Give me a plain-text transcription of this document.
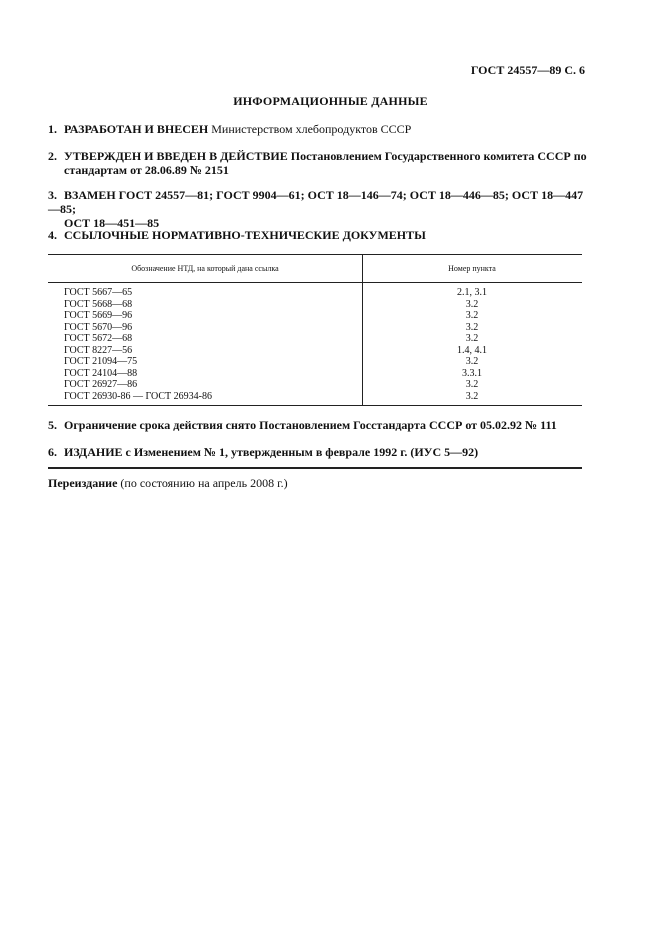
ГОСТ 24557—89 С. 6
ИНФОРМАЦИОННЫЕ ДАННЫЕ
1. РАЗРАБОТАН И ВНЕСЕН Министерством хлебопродуктов СССР
2. УТВЕРЖДЕН И ВВЕДЕН В ДЕЙСТВИЕ Постановлением Государственного комитета СССР по
стандартам от 28.06.89 № 2151
3. ВЗАМЕН ГОСТ 24557—81; ГОСТ 9904—61; ОСТ 18—146—74; ОСТ 18—446—85; ОСТ 18—447—85;
ОСТ 18—451—85
4. ССЫЛОЧНЫЕ НОРМАТИВНО-ТЕХНИЧЕСКИЕ ДОКУМЕНТЫ
Обозначение НТД, на который дана ссылка	Номер пункта
ГОСТ 5667—65	2.1, 3.1
ГОСТ 5668—68	3.2
ГОСТ 5669—96	3.2
ГОСТ 5670—96	3.2
ГОСТ 5672—68	3.2
ГОСТ 8227—56	1.4, 4.1
ГОСТ 21094—75	3.2
ГОСТ 24104—88	3.3.1
ГОСТ 26927—86	3.2
ГОСТ 26930-86 — ГОСТ 26934-86	3.2
5. Ограничение срока действия снято Постановлением Госстандарта СССР от 05.02.92 № 111
6. ИЗДАНИЕ с Изменением № 1, утвержденным в феврале 1992 г. (ИУС 5—92)
Переиздание (по состоянию на апрель 2008 г.)
